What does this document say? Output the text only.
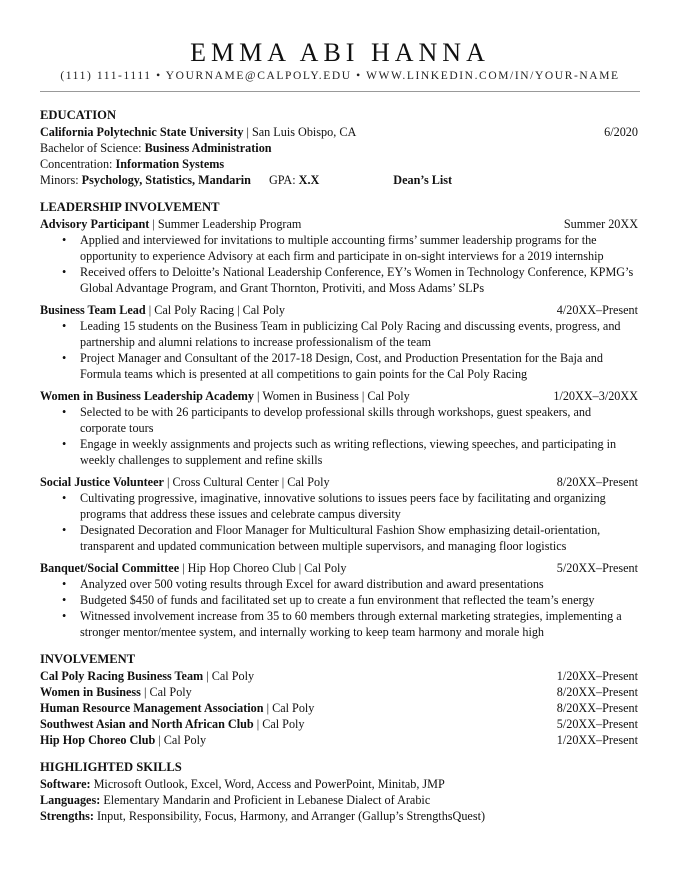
EMMA ABI HANNA
(111) 111-1111 • YOURNAME@CALPOLY.EDU • WWW.LINKEDIN.COM/IN/YOUR-NAME
EDUCATION
California Polytechnic State University | San Luis Obispo, CA	6/2020
Bachelor of Science: Business Administration
Concentration: Information Systems
Minors: Psychology, Statistics, Mandarin GPA: X.X	Dean’s List
LEADERSHIP INVOLVEMENT
Advisory Participant | Summer Leadership Program	Summer 20XX
• Applied and interviewed for invitations to multiple accounting firms’ summer leadership programs for the opportunity to experience Advisory at each firm and participate in on-sight interviews for a 2019 internship
• Received offers to Deloitte’s National Leadership Conference, EY’s Women in Technology Conference, KPMG’s Global Advantage Program, and Grant Thornton, Protiviti, and Moss Adams’ SLPs
Business Team Lead | Cal Poly Racing | Cal Poly	4/20XX–Present
• Leading 15 students on the Business Team in publicizing Cal Poly Racing and discussing events, progress, and partnership and alumni relations to increase professionalism of the team
• Project Manager and Consultant of the 2017-18 Design, Cost, and Production Presentation for the Baja and Formula teams which is presented at all competitions to gain points for the Cal Poly Racing
Women in Business Leadership Academy | Women in Business | Cal Poly	1/20XX–3/20XX
• Selected to be with 26 participants to develop professional skills through workshops, guest speakers, and corporate tours
• Engage in weekly assignments and projects such as writing reflections, viewing speeches, and participating in weekly challenges to supplement and refine skills
Social Justice Volunteer | Cross Cultural Center | Cal Poly	8/20XX–Present
• Cultivating progressive, imaginative, innovative solutions to issues peers face by facilitating and organizing programs that address these issues and celebrate campus diversity
• Designated Decoration and Floor Manager for Multicultural Fashion Show emphasizing detail-orientation, transparent and updated communication between multiple supervisors, and managing floor logistics
Banquet/Social Committee | Hip Hop Choreo Club | Cal Poly	5/20XX–Present
• Analyzed over 500 voting results through Excel for award distribution and award presentations
• Budgeted $450 of funds and facilitated set up to create a fun environment that reflected the team’s energy
• Witnessed involvement increase from 35 to 60 members through external marketing strategies, implementing a stronger mentor/mentee system, and internally working to keep team harmony and morale high
INVOLVEMENT
Cal Poly Racing Business Team | Cal Poly	1/20XX–Present
Women in Business | Cal Poly	8/20XX–Present
Human Resource Management Association | Cal Poly	8/20XX–Present
Southwest Asian and North African Club | Cal Poly	5/20XX–Present
Hip Hop Choreo Club | Cal Poly	1/20XX–Present
HIGHLIGHTED SKILLS
Software: Microsoft Outlook, Excel, Word, Access and PowerPoint, Minitab, JMP
Languages: Elementary Mandarin and Proficient in Lebanese Dialect of Arabic
Strengths: Input, Responsibility, Focus, Harmony, and Arranger (Gallup’s StrengthsQuest)
